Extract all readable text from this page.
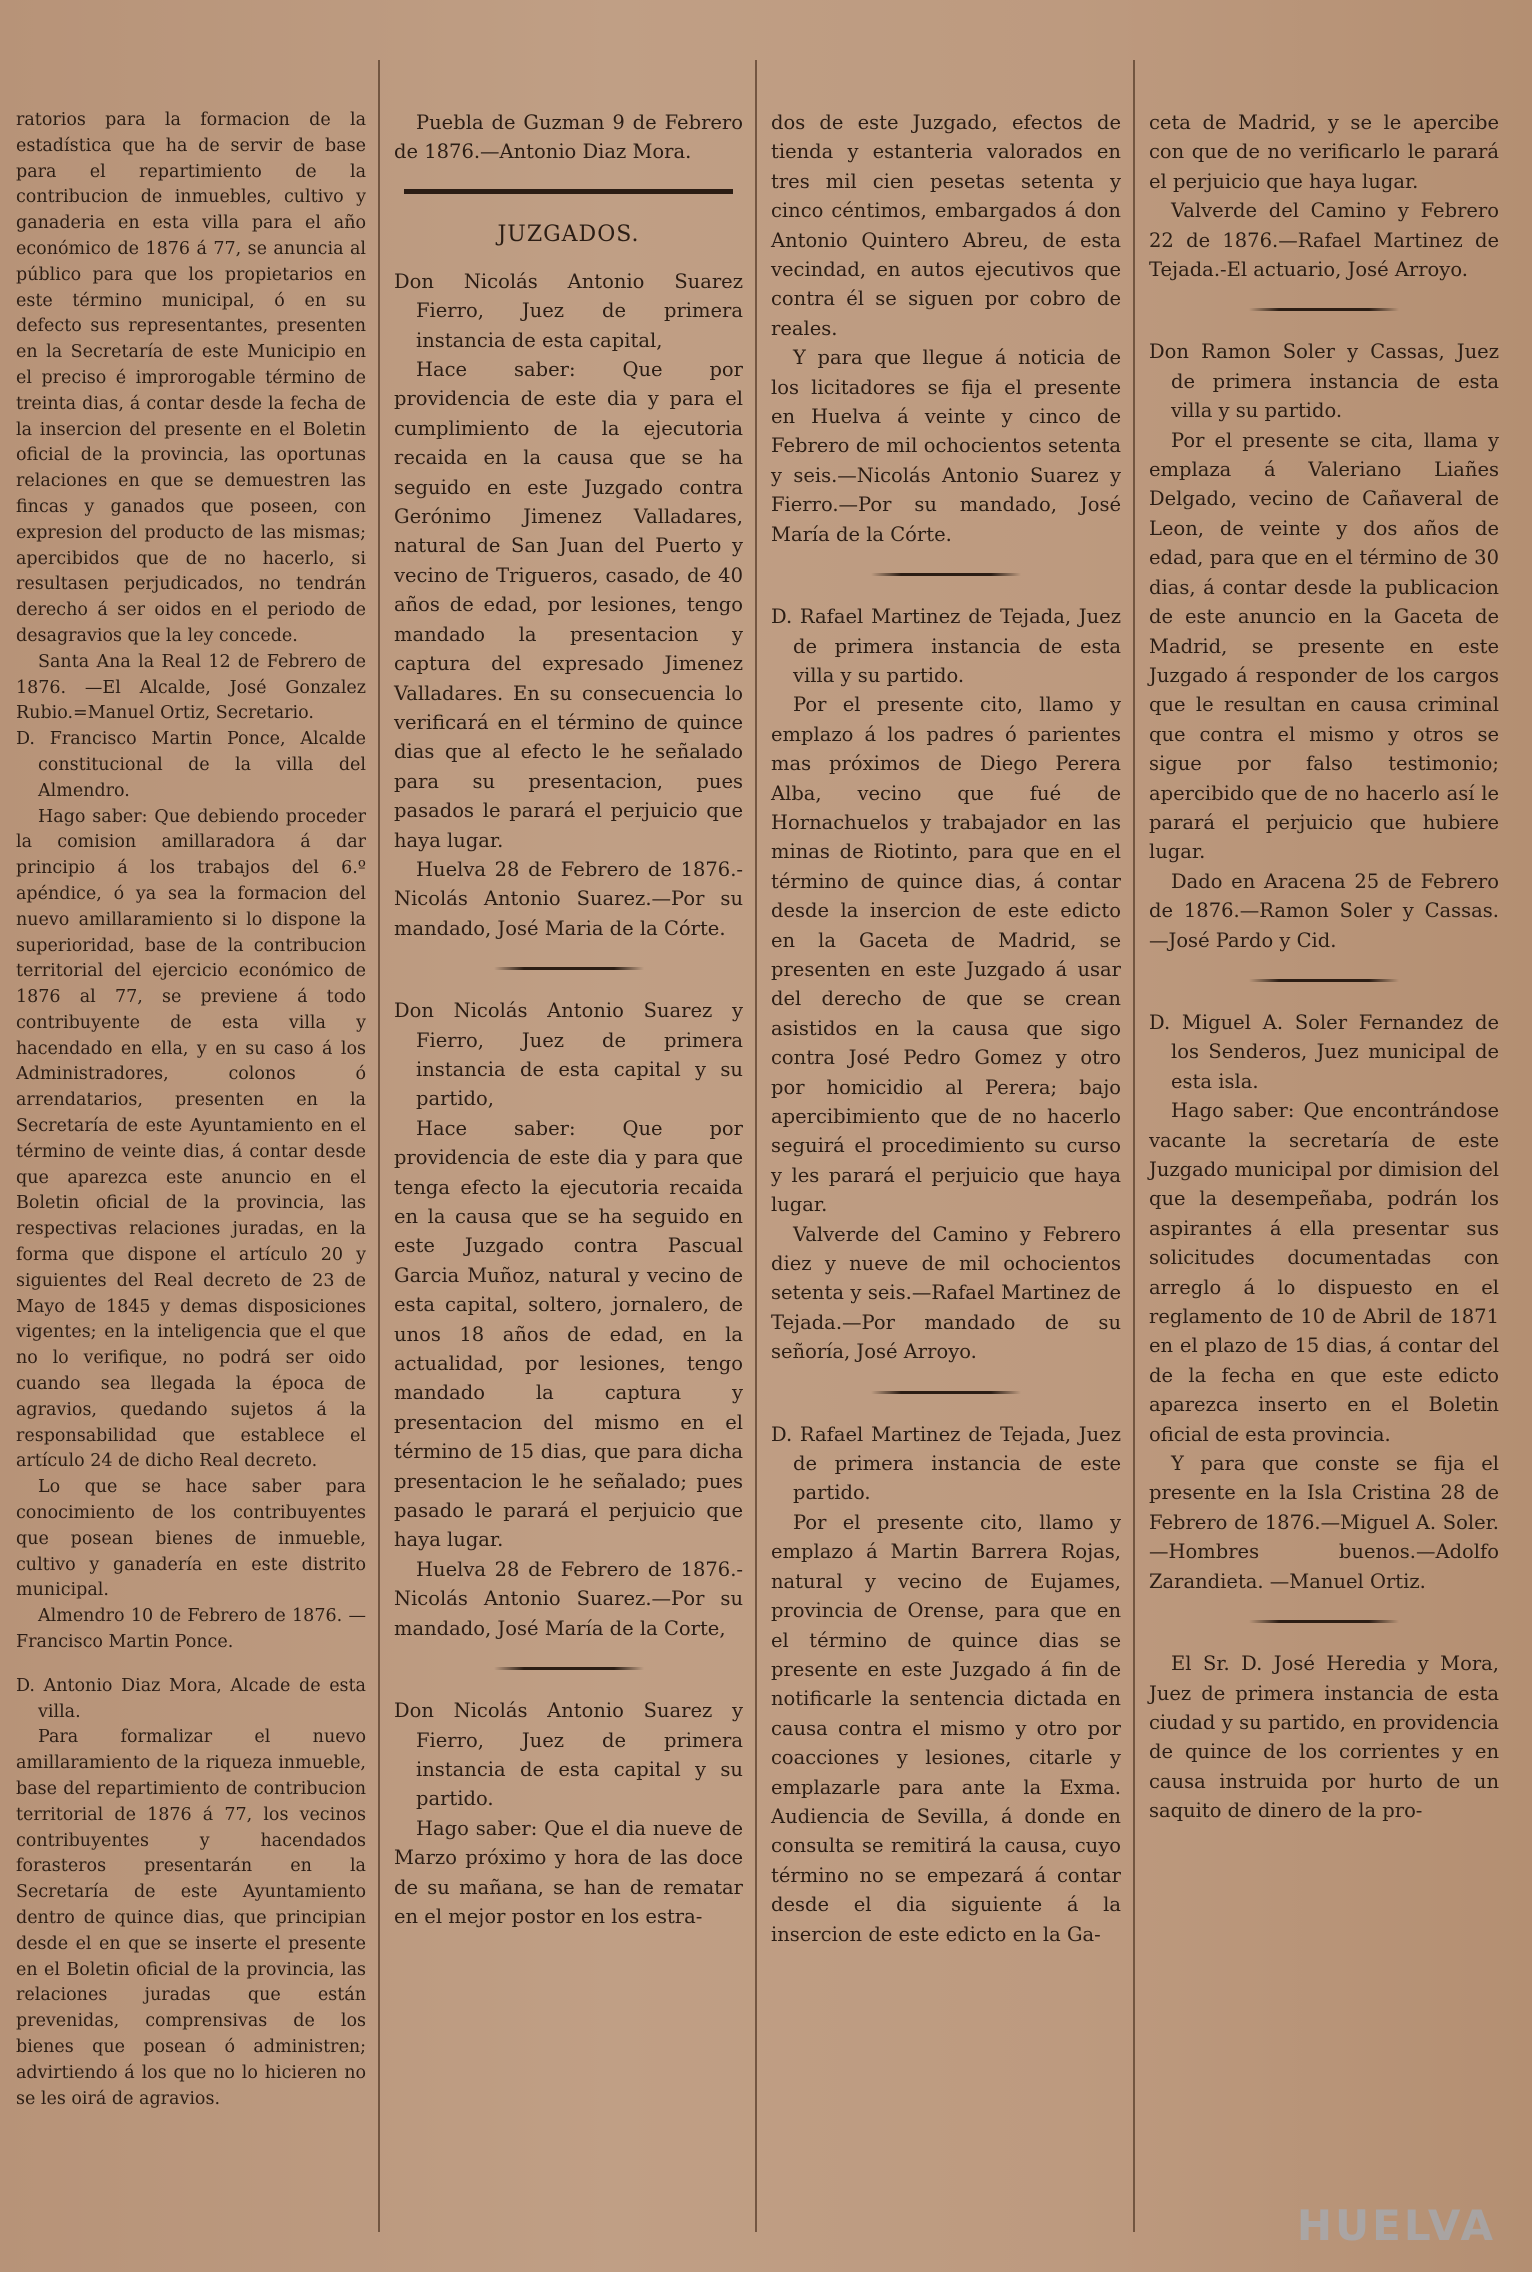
ratorios para la formacion de la estadística que ha de servir de base para el repartimiento de la contribucion de inmuebles, cultivo y ganaderia en esta villa para el año económico de 1876 á 77, se anuncia al público para que los propietarios en este término municipal, ó en su defecto sus representantes, presenten en la Secretaría de este Municipio en el preciso é improrogable término de treinta dias, á contar desde la fecha de la insercion del presente en el Boletin oficial de la provincia, las oportunas relaciones en que se demuestren las fincas y ganados que poseen, con expresion del producto de las mismas; apercibidos que de no hacerlo, si resultasen perjudicados, no tendrán derecho á ser oidos en el periodo de desagravios que la ley concede.

Santa Ana la Real 12 de Febrero de 1876. —El Alcalde, José Gonzalez Rubio.=Manuel Ortiz, Secretario.

D. Francisco Martin Ponce, Alcalde constitucional de la villa del Almendro.

Hago saber: Que debiendo proceder la comision amillaradora á dar principio á los trabajos del 6.º apéndice, ó ya sea la formacion del nuevo amillaramiento si lo dispone la superioridad, base de la contribucion territorial del ejercicio económico de 1876 al 77, se previene á todo contribuyente de esta villa y hacendado en ella, y en su caso á los Administradores, colonos ó arrendatarios, presenten en la Secretaría de este Ayuntamiento en el término de veinte dias, á contar desde que aparezca este anuncio en el Boletin oficial de la provincia, las respectivas relaciones juradas, en la forma que dispone el artículo 20 y siguientes del Real decreto de 23 de Mayo de 1845 y demas disposiciones vigentes; en la inteligencia que el que no lo verifique, no podrá ser oido cuando sea llegada la época de agravios, quedando sujetos á la responsabilidad que establece el artículo 24 de dicho Real decreto.

Lo que se hace saber para conocimiento de los contribuyentes que posean bienes de inmueble, cultivo y ganadería en este distrito municipal.

Almendro 10 de Febrero de 1876. —Francisco Martin Ponce.

D. Antonio Diaz Mora, Alcade de esta villa.

Para formalizar el nuevo amillaramiento de la riqueza inmueble, base del repartimiento de contribucion territorial de 1876 á 77, los vecinos contribuyentes y hacendados forasteros presentarán en la Secretaría de este Ayuntamiento dentro de quince dias, que principian desde el en que se inserte el presente en el Boletin oficial de la provincia, las relaciones juradas que están prevenidas, comprensivas de los bienes que posean ó administren; advirtiendo á los que no lo hicieren no se les oirá de agravios.

Puebla de Guzman 9 de Febrero de 1876.—Antonio Diaz Mora.

JUZGADOS.

Don Nicolás Antonio Suarez Fierro, Juez de primera instancia de esta capital,

Hace saber: Que por providencia de este dia y para el cumplimiento de la ejecutoria recaida en la causa que se ha seguido en este Juzgado contra Gerónimo Jimenez Valladares, natural de San Juan del Puerto y vecino de Trigueros, casado, de 40 años de edad, por lesiones, tengo mandado la presentacion y captura del expresado Jimenez Valladares. En su consecuencia lo verificará en el término de quince dias que al efecto le he señalado para su presentacion, pues pasados le parará el perjuicio que haya lugar.

Huelva 28 de Febrero de 1876.-Nicolás Antonio Suarez.—Por su mandado, José Maria de la Córte.

Don Nicolás Antonio Suarez y Fierro, Juez de primera instancia de esta capital y su partido,

Hace saber: Que por providencia de este dia y para que tenga efecto la ejecutoria recaida en la causa que se ha seguido en este Juzgado contra Pascual Garcia Muñoz, natural y vecino de esta capital, soltero, jornalero, de unos 18 años de edad, en la actualidad, por lesiones, tengo mandado la captura y presentacion del mismo en el término de 15 dias, que para dicha presentacion le he señalado; pues pasado le parará el perjuicio que haya lugar.

Huelva 28 de Febrero de 1876.-Nicolás Antonio Suarez.—Por su mandado, José María de la Corte,

Don Nicolás Antonio Suarez y Fierro, Juez de primera instancia de esta capital y su partido.

Hago saber: Que el dia nueve de Marzo próximo y hora de las doce de su mañana, se han de rematar en el mejor postor en los estra-

dos de este Juzgado, efectos de tienda y estanteria valorados en tres mil cien pesetas setenta y cinco céntimos, embargados á don Antonio Quintero Abreu, de esta vecindad, en autos ejecutivos que contra él se siguen por cobro de reales.

Y para que llegue á noticia de los licitadores se fija el presente en Huelva á veinte y cinco de Febrero de mil ochocientos setenta y seis.—Nicolás Antonio Suarez y Fierro.—Por su mandado, José María de la Córte.

D. Rafael Martinez de Tejada, Juez de primera instancia de esta villa y su partido.

Por el presente cito, llamo y emplazo á los padres ó parientes mas próximos de Diego Perera Alba, vecino que fué de Hornachuelos y trabajador en las minas de Riotinto, para que en el término de quince dias, á contar desde la insercion de este edicto en la Gaceta de Madrid, se presenten en este Juzgado á usar del derecho de que se crean asistidos en la causa que sigo contra José Pedro Gomez y otro por homicidio al Perera; bajo apercibimiento que de no hacerlo seguirá el procedimiento su curso y les parará el perjuicio que haya lugar.

Valverde del Camino y Febrero diez y nueve de mil ochocientos setenta y seis.—Rafael Martinez de Tejada.—Por mandado de su señoría, José Arroyo.

D. Rafael Martinez de Tejada, Juez de primera instancia de este partido.

Por el presente cito, llamo y emplazo á Martin Barrera Rojas, natural y vecino de Eujames, provincia de Orense, para que en el término de quince dias se presente en este Juzgado á fin de notificarle la sentencia dictada en causa contra el mismo y otro por coacciones y lesiones, citarle y emplazarle para ante la Exma. Audiencia de Sevilla, á donde en consulta se remitirá la causa, cuyo término no se empezará á contar desde el dia siguiente á la insercion de este edicto en la Ga-

ceta de Madrid, y se le apercibe con que de no verificarlo le parará el perjuicio que haya lugar.

Valverde del Camino y Febrero 22 de 1876.—Rafael Martinez de Tejada.-El actuario, José Arroyo.

Don Ramon Soler y Cassas, Juez de primera instancia de esta villa y su partido.

Por el presente se cita, llama y emplaza á Valeriano Liañes Delgado, vecino de Cañaveral de Leon, de veinte y dos años de edad, para que en el término de 30 dias, á contar desde la publicacion de este anuncio en la Gaceta de Madrid, se presente en este Juzgado á responder de los cargos que le resultan en causa criminal que contra el mismo y otros se sigue por falso testimonio; apercibido que de no hacerlo así le parará el perjuicio que hubiere lugar.

Dado en Aracena 25 de Febrero de 1876.—Ramon Soler y Cassas.—José Pardo y Cid.

D. Miguel A. Soler Fernandez de los Senderos, Juez municipal de esta isla.

Hago saber: Que encontrándose vacante la secretaría de este Juzgado municipal por dimision del que la desempeñaba, podrán los aspirantes á ella presentar sus solicitudes documentadas con arreglo á lo dispuesto en el reglamento de 10 de Abril de 1871 en el plazo de 15 dias, á contar del de la fecha en que este edicto aparezca inserto en el Boletin oficial de esta provincia.

Y para que conste se fija el presente en la Isla Cristina 28 de Febrero de 1876.—Miguel A. Soler.—Hombres buenos.—Adolfo Zarandieta. —Manuel Ortiz.

El Sr. D. José Heredia y Mora, Juez de primera instancia de esta ciudad y su partido, en providencia de quince de los corrientes y en causa instruida por hurto de un saquito de dinero de la pro-

HUELVA
